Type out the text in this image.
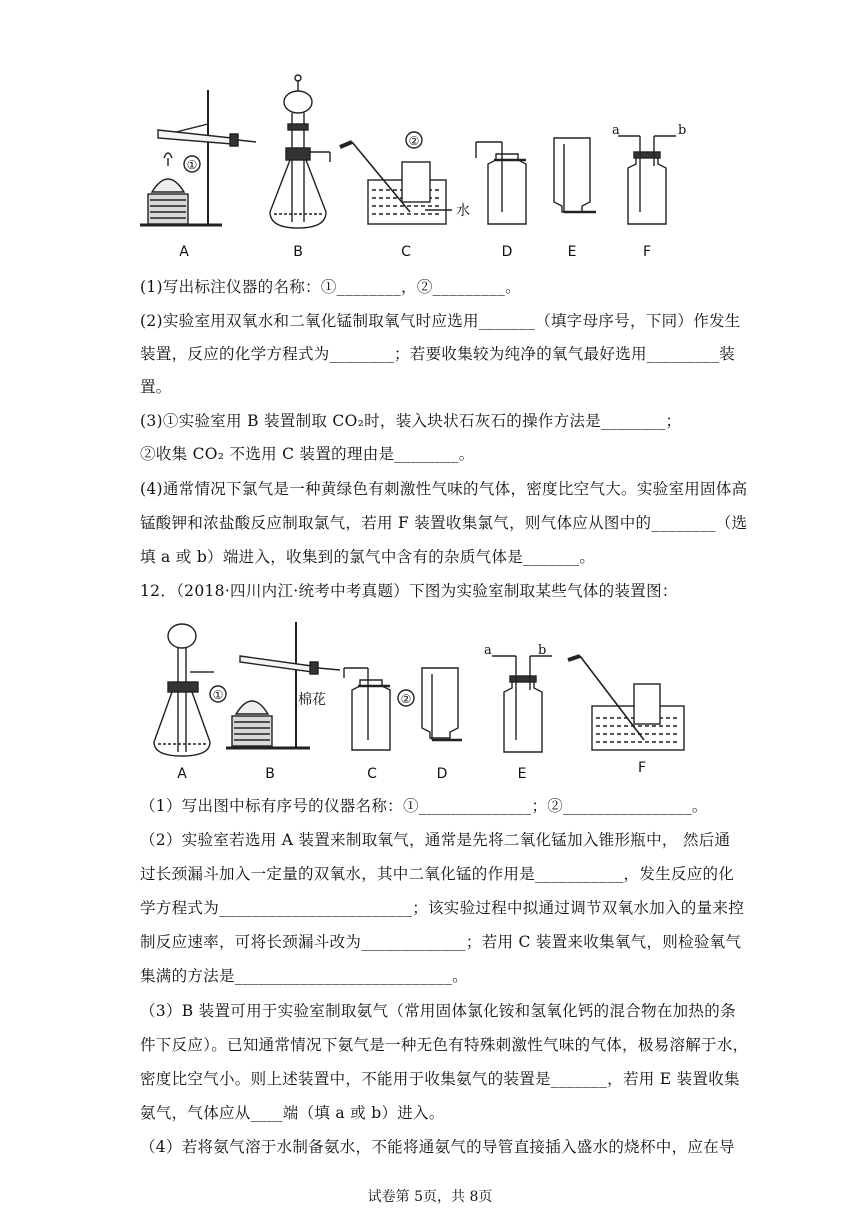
①
②
水
a	b
A	B	C	D	E	F
(1)写出标注仪器的名称：①________，②_________。
(2)实验室用双氧水和二氧化锰制取氧气时应选用_______（填字母序号，下同）作发生
装置，反应的化学方程式为________；若要收集较为纯净的氧气最好选用_________装
置。
(3)①实验室用 B 装置制取 CO₂时，装入块状石灰石的操作方法是________；
②收集 CO₂ 不选用 C 装置的理由是________。
(4)通常情况下氯气是一种黄绿色有刺激性气味的气体，密度比空气大。实验室用固体高
锰酸钾和浓盐酸反应制取氯气，若用 F 装置收集氯气，则气体应从图中的________（选
填 a 或 b）端进入，收集到的氯气中含有的杂质气体是_______。
12．（2018·四川内江·统考中考真题）下图为实验室制取某些气体的装置图：
①	棉花	②
a	b
A	B	C	D	E	F
（1）写出图中标有序号的仪器名称：①______________；②________________。
（2）实验室若选用 A 装置来制取氧气，通常是先将二氧化锰加入锥形瓶中， 然后通
过长颈漏斗加入一定量的双氧水，其中二氧化锰的作用是___________，发生反应的化
学方程式为________________________；该实验过程中拟通过调节双氧水加入的量来控
制反应速率，可将长颈漏斗改为_____________；若用 C 装置来收集氧气，则检验氧气
集满的方法是___________________________。
（3）B 装置可用于实验室制取氨气（常用固体氯化铵和氢氧化钙的混合物在加热的条
件下反应）。已知通常情况下氨气是一种无色有特殊刺激性气味的气体，极易溶解于水，
密度比空气小。则上述装置中，不能用于收集氨气的装置是_______，若用 E 装置收集
氨气，气体应从____端（填 a 或 b）进入。
（4）若将氨气溶于水制备氨水，不能将通氨气的导管直接插入盛水的烧杯中，应在导
试卷第 5页，共 8页
